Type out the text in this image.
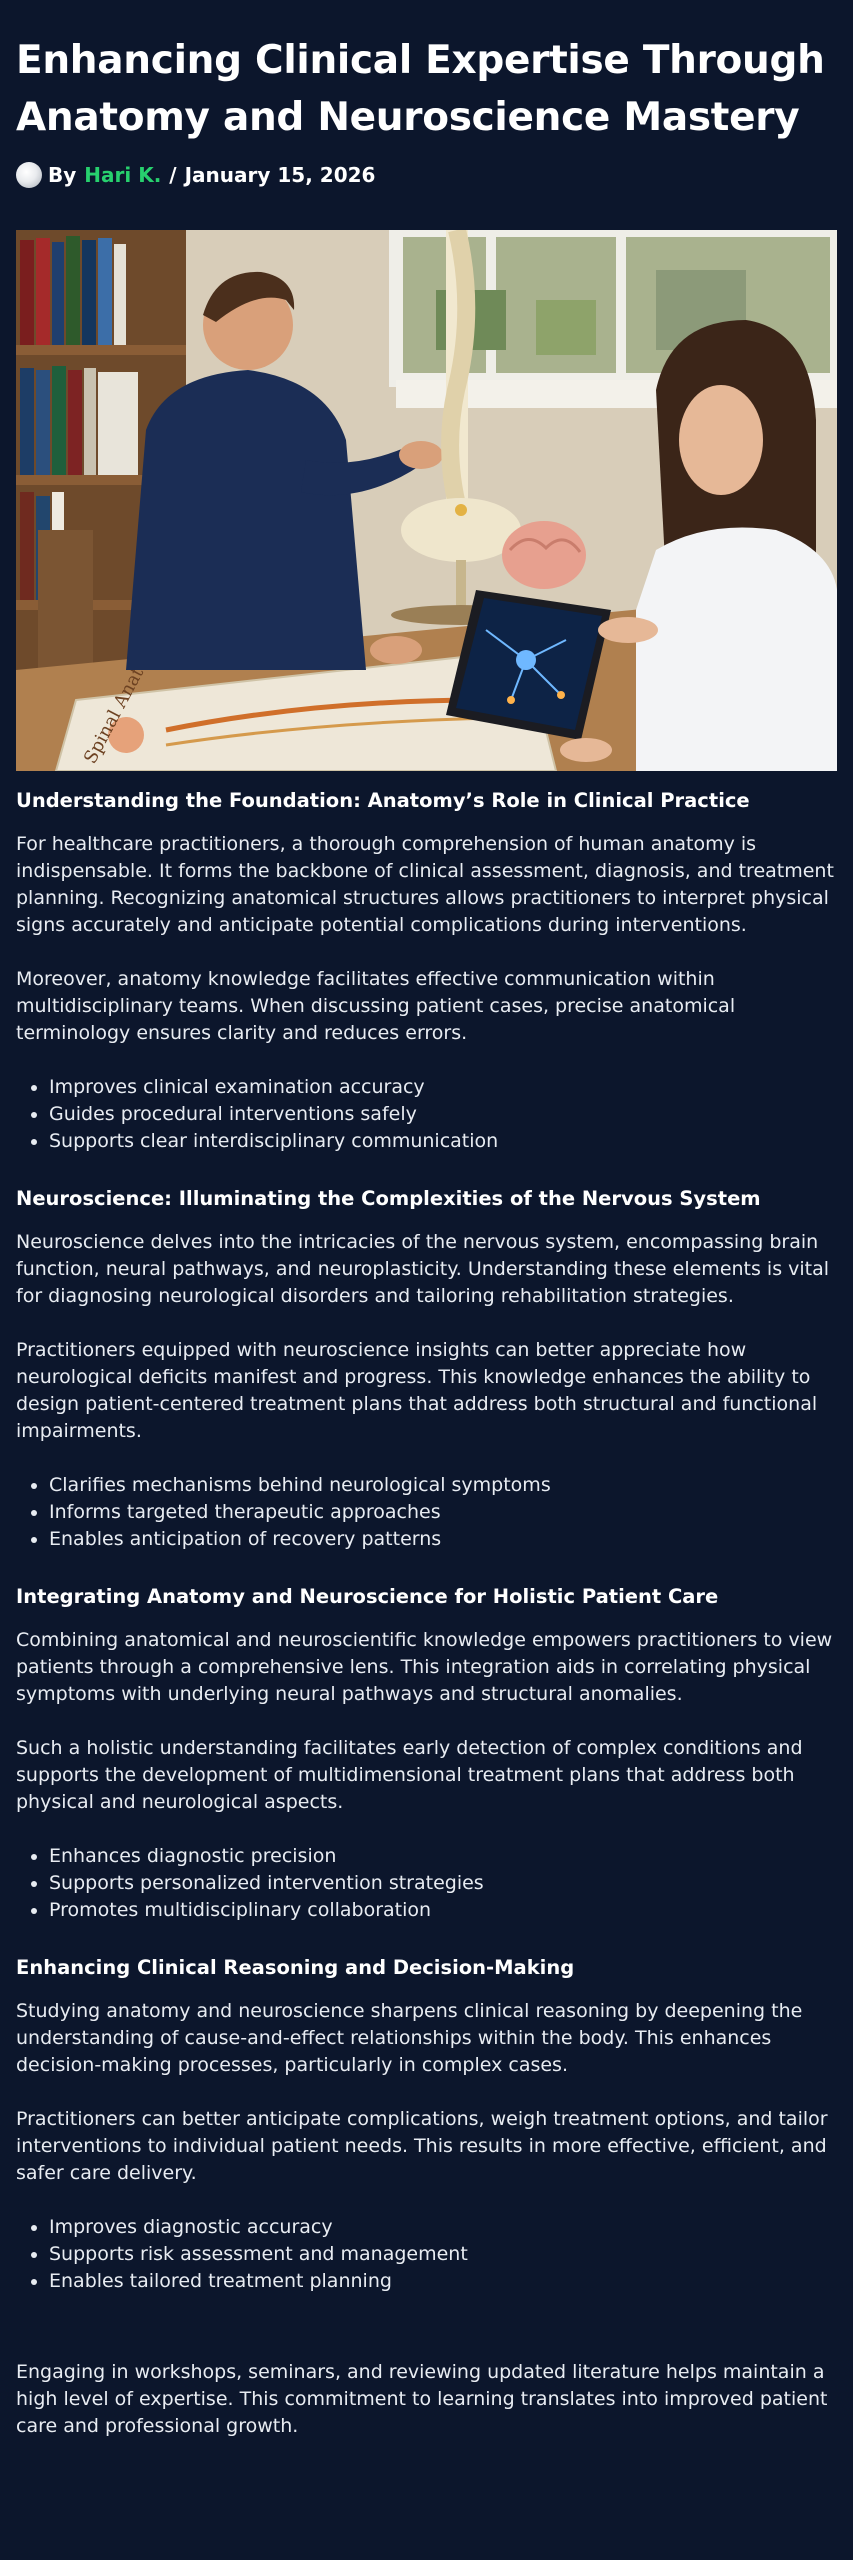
Enhancing Clinical Expertise Through Anatomy and Neuroscience Mastery
By Hari K. / January 15, 2026
Spinal
Understanding the Foundation: Anatomy’s Role in Clinical Practice

For healthcare practitioners, a thorough comprehension of human anatomy is indispensable. It forms the backbone of clinical assessment, diagnosis, and treatment planning. Recognizing anatomical structures allows practitioners to interpret physical signs accurately and anticipate potential complications during interventions.

Moreover, anatomy knowledge facilitates effective communication within multidisciplinary teams. When discussing patient cases, precise anatomical terminology ensures clarity and reduces errors.

Improves clinical examination accuracy
Guides procedural interventions safely
Supports clear interdisciplinary communication
Neuroscience: Illuminating the Complexities of the Nervous System

Neuroscience delves into the intricacies of the nervous system, encompassing brain function, neural pathways, and neuroplasticity. Understanding these elements is vital for diagnosing neurological disorders and tailoring rehabilitation strategies.

Practitioners equipped with neuroscience insights can better appreciate how neurological deficits manifest and progress. This knowledge enhances the ability to design patient-centered treatment plans that address both structural and functional impairments.

Clarifies mechanisms behind neurological symptoms
Informs targeted therapeutic approaches
Enables anticipation of recovery patterns
Integrating Anatomy and Neuroscience for Holistic Patient Care

Combining anatomical and neuroscientific knowledge empowers practitioners to view patients through a comprehensive lens. This integration aids in correlating physical symptoms with underlying neural pathways and structural anomalies.

Such a holistic understanding facilitates early detection of complex conditions and supports the development of multidimensional treatment plans that address both physical and neurological aspects.

Enhances diagnostic precision
Supports personalized intervention strategies
Promotes multidisciplinary collaboration
Enhancing Clinical Reasoning and Decision-Making

Studying anatomy and neuroscience sharpens clinical reasoning by deepening the understanding of cause-and-effect relationships within the body. This enhances decision-making processes, particularly in complex cases.

Practitioners can better anticipate complications, weigh treatment options, and tailor interventions to individual patient needs. This results in more effective, efficient, and safer care delivery.

Improves diagnostic accuracy
Supports risk assessment and management
Enables tailored treatment planning

Engaging in workshops, seminars, and reviewing updated literature helps maintain a high level of expertise. This commitment to learning translates into improved patient care and professional growth.
